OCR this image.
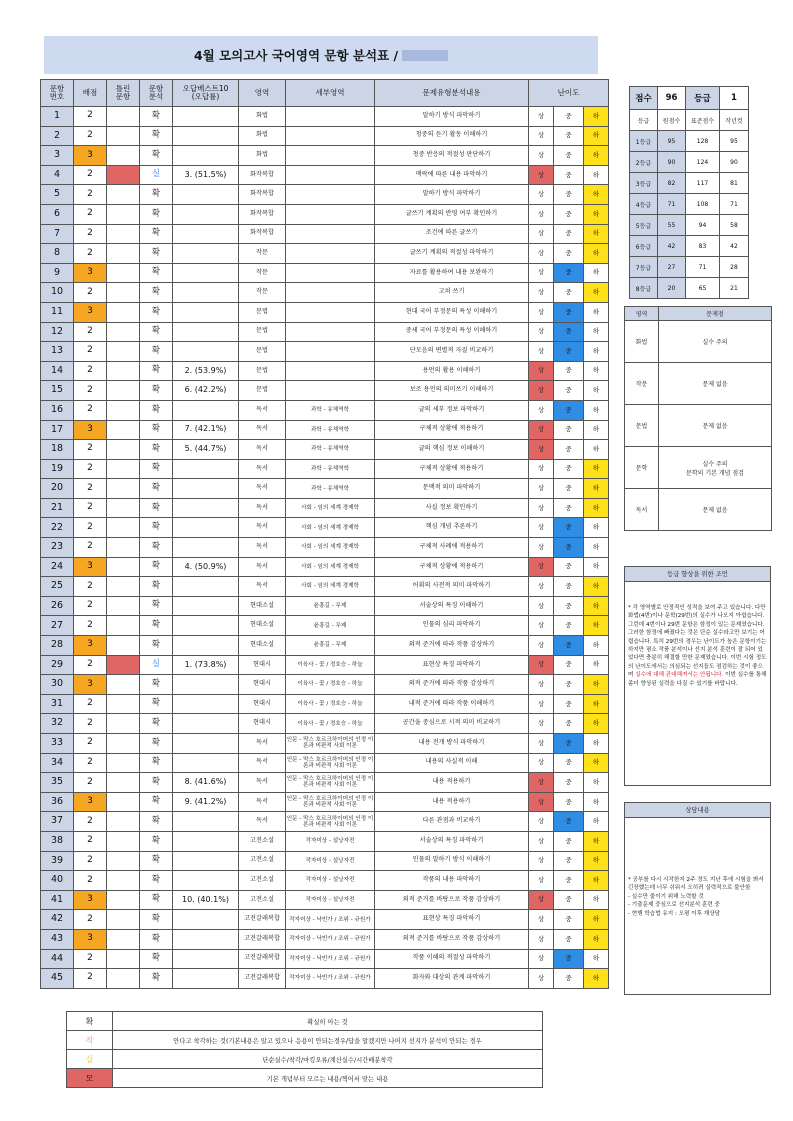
4월 모의고사 국어영역 문항 분석표 /
문항
번호	배점	틀린
문항	문항
분석	오답베스트10
(오답률)	영역	세부영역	문제유형분석내용	난이도		
1	2		확		화법		말하기 방식 파악하기	상	중	하
2	2		확		화법		청중의 듣기 활동 이해하기	상	중	하
3	3		확		화법		청중 반응의 적절성 판단하기	상	중	하
4	2		실	3. (51.5%)	화작복합		맥락에 따른 내용 파악하기	상	중	하
5	2		확		화작복합		말하기 방식 파악하기	상	중	하
6	2		확		화작복합		글쓰기 계획의 반영 여부 확인하기	상	중	하
7	2		확		화작복합		조건에 따른 글쓰기	상	중	하
8	2		확		작문		글쓰기 계획의 적절성 파악하기	상	중	하
9	3		확		작문		자료를 활용하여 내용 보완하기	상	중	하
10	2		확		작문		고쳐 쓰기	상	중	하
11	3		확		문법		현대 국어 부정문의 특성 이해하기	상	중	하
12	2		확		문법		중세 국어 부정문의 특성 이해하기	상	중	하
13	2		확		문법		단모음의 변별적 자질 비교하기	상	중	하
14	2		확	2. (53.9%)	문법		용언의 활용 이해하기	상	중	하
15	2		확	6. (42.2%)	문법		보조 용언의 의미쓰기 이해하기	상	중	하
16	2		확		독서	과학 - 유체역학	글의 세부 정보 파악하기	상	중	하
17	3		확	7. (42.1%)	독서	과학 - 유체역학	구체적 상황에 적용하기	상	중	하
18	2		확	5. (44.7%)	독서	과학 - 유체역학	글의 핵심 정보 이해하기	상	중	하
19	2		확		독서	과학 - 유체역학	구체적 상황에 적용하기	상	중	하
20	2		확		독서	과학 - 유체역학	문맥적 의미 파악하기	상	중	하
21	2		확		독서	사회 - 임의 세계 경제학	사실 정보 확인하기	상	중	하
22	2		확		독서	사회 - 임의 세계 경제학	핵심 개념 추론하기	상	중	하
23	2		확		독서	사회 - 임의 세계 경제학	구체적 사례에 적용하기	상	중	하
24	3		확	4. (50.9%)	독서	사회 - 임의 세계 경제학	구체적 상황에 적용하기	상	중	하
25	2		확		독서	사회 - 임의 세계 경제학	어휘의 사전적 의미 파악하기	상	중	하
26	2		확		현대소설	윤흥길 - 무제	서술상의 특징 이해하기	상	중	하
27	2		확		현대소설	윤흥길 - 무제	인물의 심리 파악하기	상	중	하
28	3		확		현대소설	윤흥길 - 무제	외적 준거에 따라 작품 감상하기	상	중	하
29	2		실	1. (73.8%)	현대시	이육사 - 꽃 / 정호승 - 하늘	표현상 특징 파악하기	상	중	하
30	3		확		현대시	이육사 - 꽃 / 정호승 - 하늘	외적 준거에 따라 작품 감상하기	상	중	하
31	2		확		현대시	이육사 - 꽃 / 정호승 - 하늘	내적 준거에 따라 작품 이해하기	상	중	하
32	2		확		현대시	이육사 - 꽃 / 정호승 - 하늘	공간을 중심으로 시적 의미 비교하기	상	중	하
33	2		확		독서	인문 - 막스 호르크하이머의 인정 이론과 비판적 사회 이론	내용 전개 방식 파악하기	상	중	하
34	2		확		독서	인문 - 막스 호르크하이머의 인정 이론과 비판적 사회 이론	내용의 사실적 이해	상	중	하
35	2		확	8. (41.6%)	독서	인문 - 막스 호르크하이머의 인정 이론과 비판적 사회 이론	내용 적용하기	상	중	하
36	3		확	9. (41.2%)	독서	인문 - 막스 호르크하이머의 인정 이론과 비판적 사회 이론	내용 적용하기	상	중	하
37	2		확		독서	인문 - 막스 호르크하이머의 인정 이론과 비판적 사회 이론	다른 관점과 비교하기	상	중	하
38	2		확		고전소설	작자미상 - 설낭자전	서술상의 특징 파악하기	상	중	하
39	2		확		고전소설	작자미상 - 설낭자전	인물의 말하기 방식 이해하기	상	중	하
40	2		확		고전소설	작자미상 - 설낭자전	작품의 내용 파악하기	상	중	하
41	3		확	10. (40.1%)	고전소설	작자미상 - 설낭자전	외적 준거를 바탕으로 작품 감상하기	상	중	하
42	2		확		고전갈래복합	작자미상 - 낙빈가 / 조위 - 규원가	표현상 특징 파악하기	상	중	하
43	3		확		고전갈래복합	작자미상 - 낙빈가 / 조위 - 규원가	외적 준거를 바탕으로 작품 감상하기	상	중	하
44	2		확		고전갈래복합	작자미상 - 낙빈가 / 조위 - 규원가	작품 이해의 적절성 파악하기	상	중	하
45	2		확		고전갈래복합	작자미상 - 낙빈가 / 조위 - 규원가	화자와 대상의 관계 파악하기	상	중	하
점수	96	등급	1
등급	원점수	표준점수	작년컷
1등급	95	128	95
2등급	90	124	90
3등급	82	117	81
4등급	71	108	71
5등급	55	94	58
6등급	42	83	42
7등급	27	71	28
8등급	20	65	21
영역	문제점
화법	실수 주의
작문	문제 없음
문법	문제 없음
문학	실수 주의
문학의 기본 개념 점검
독서	문제 없음
등급 향상을 위한 조언
* 각 영역별로 안정적인 성적을 보여 주고 있습니다. 다만 화법(4번)이나 문학(29번)의 실수가 나오지 아쉽습니다. 그런데 4번이나 29번 문항은 함정이 있는 문제였습니다. 그러한 함정에 빠졌다는 것은 단순 실수라고만 보기는 어렵습니다. 특히 29번의 경우는 난이도가 높은 문항이기는 하지만 평소 작품 분석이나 선지 분석 훈련이 잘 되어 있었다면 충분히 해결할 만한 문제였습니다. 이번 시험 정도의 난이도에서는 의심되는 선지들도 점검하는 것이 좋으며 실수에 대해 관대해져서는 안됩니다. 이번 실수를 통해 좀더 향상된 실력을 다질 수 있기를 바랍니다.
상담내용
* 공부를 다시 시작한지 2주 정도 지난 후에 시험을 봐서 긴장했는데 너무 쉬워서 오히려 실력적으로 불안함
- 실수만 줄이기 위해 노력할 것
- 기출문제 중심으로 선지분석 훈련 중
- 현행 학습법 유지 : 오평 이후 재상담
확	확실히 아는 것
작	안다고 착각하는 것(기본내용은 알고 있으나 응용이 안되는경우/답을 알겠지만 나머지 선지가 분석이 안되는 경우
실	단순실수/착각/마킹오류/계산실수/시간배분착각
모	기본 개념부터 모르는 내용/찍어서 맞는 내용
